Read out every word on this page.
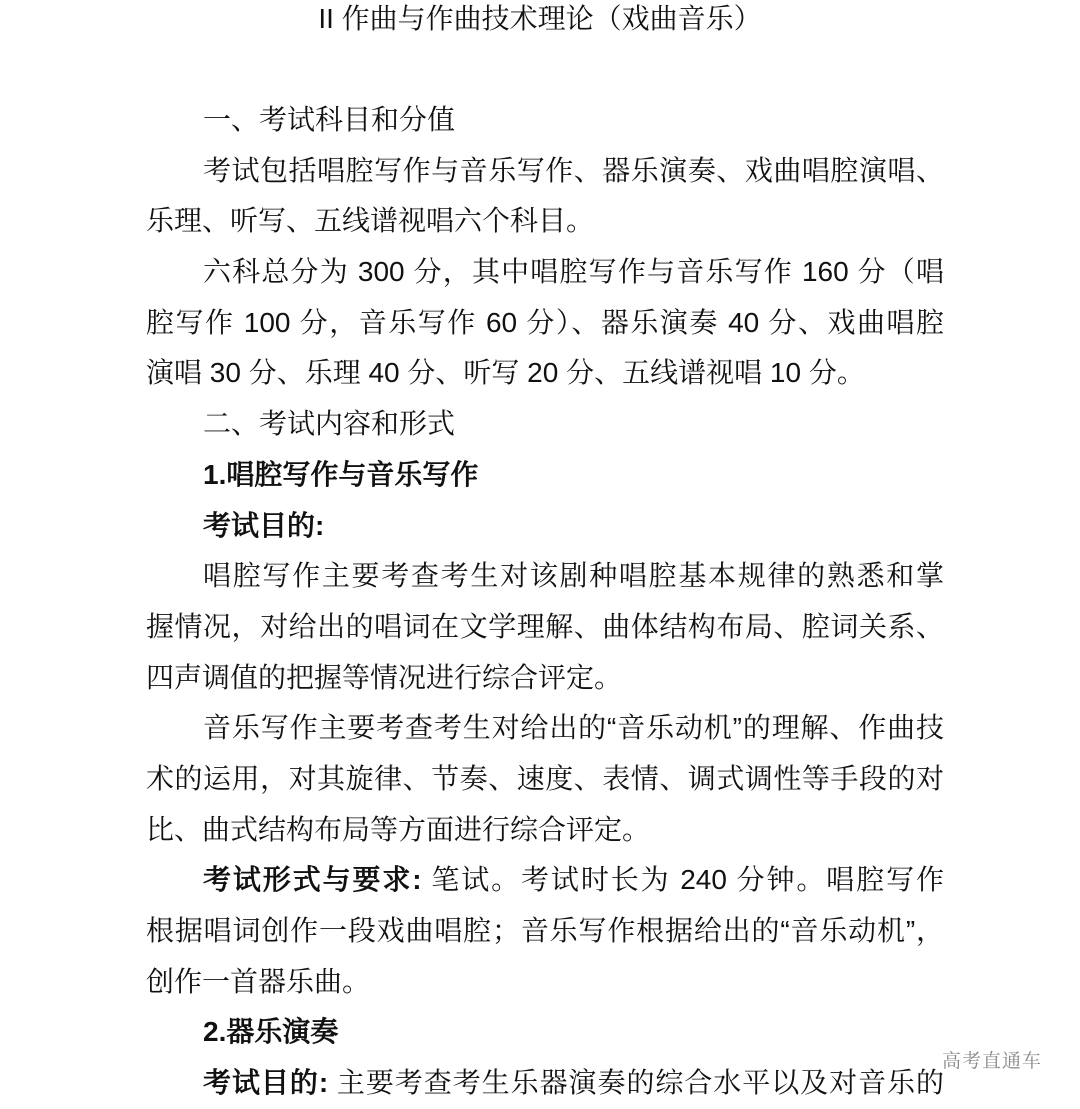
II 作曲与作曲技术理论（戏曲音乐）
一、考试科目和分值
考试包括唱腔写作与音乐写作、器乐演奏、戏曲唱腔演唱、
乐理、听写、五线谱视唱六个科目。
六科总分为 300 分，其中唱腔写作与音乐写作 160 分（唱
腔写作 100 分，音乐写作 60 分）、器乐演奏 40 分、戏曲唱腔
演唱 30 分、乐理 40 分、听写 20 分、五线谱视唱 10 分。
二、考试内容和形式
1.唱腔写作与音乐写作
考试目的:
唱腔写作主要考查考生对该剧种唱腔基本规律的熟悉和掌
握情况，对给出的唱词在文学理解、曲体结构布局、腔词关系、
四声调值的把握等情况进行综合评定。
音乐写作主要考查考生对给出的“音乐动机”的理解、作曲技
术的运用，对其旋律、节奏、速度、表情、调式调性等手段的对
比、曲式结构布局等方面进行综合评定。
考试形式与要求: 笔试。考试时长为 240 分钟。唱腔写作
根据唱词创作一段戏曲唱腔；音乐写作根据给出的“音乐动机”，
创作一首器乐曲。
2.器乐演奏
考试目的: 主要考查考生乐器演奏的综合水平以及对音乐的
高考直通车
